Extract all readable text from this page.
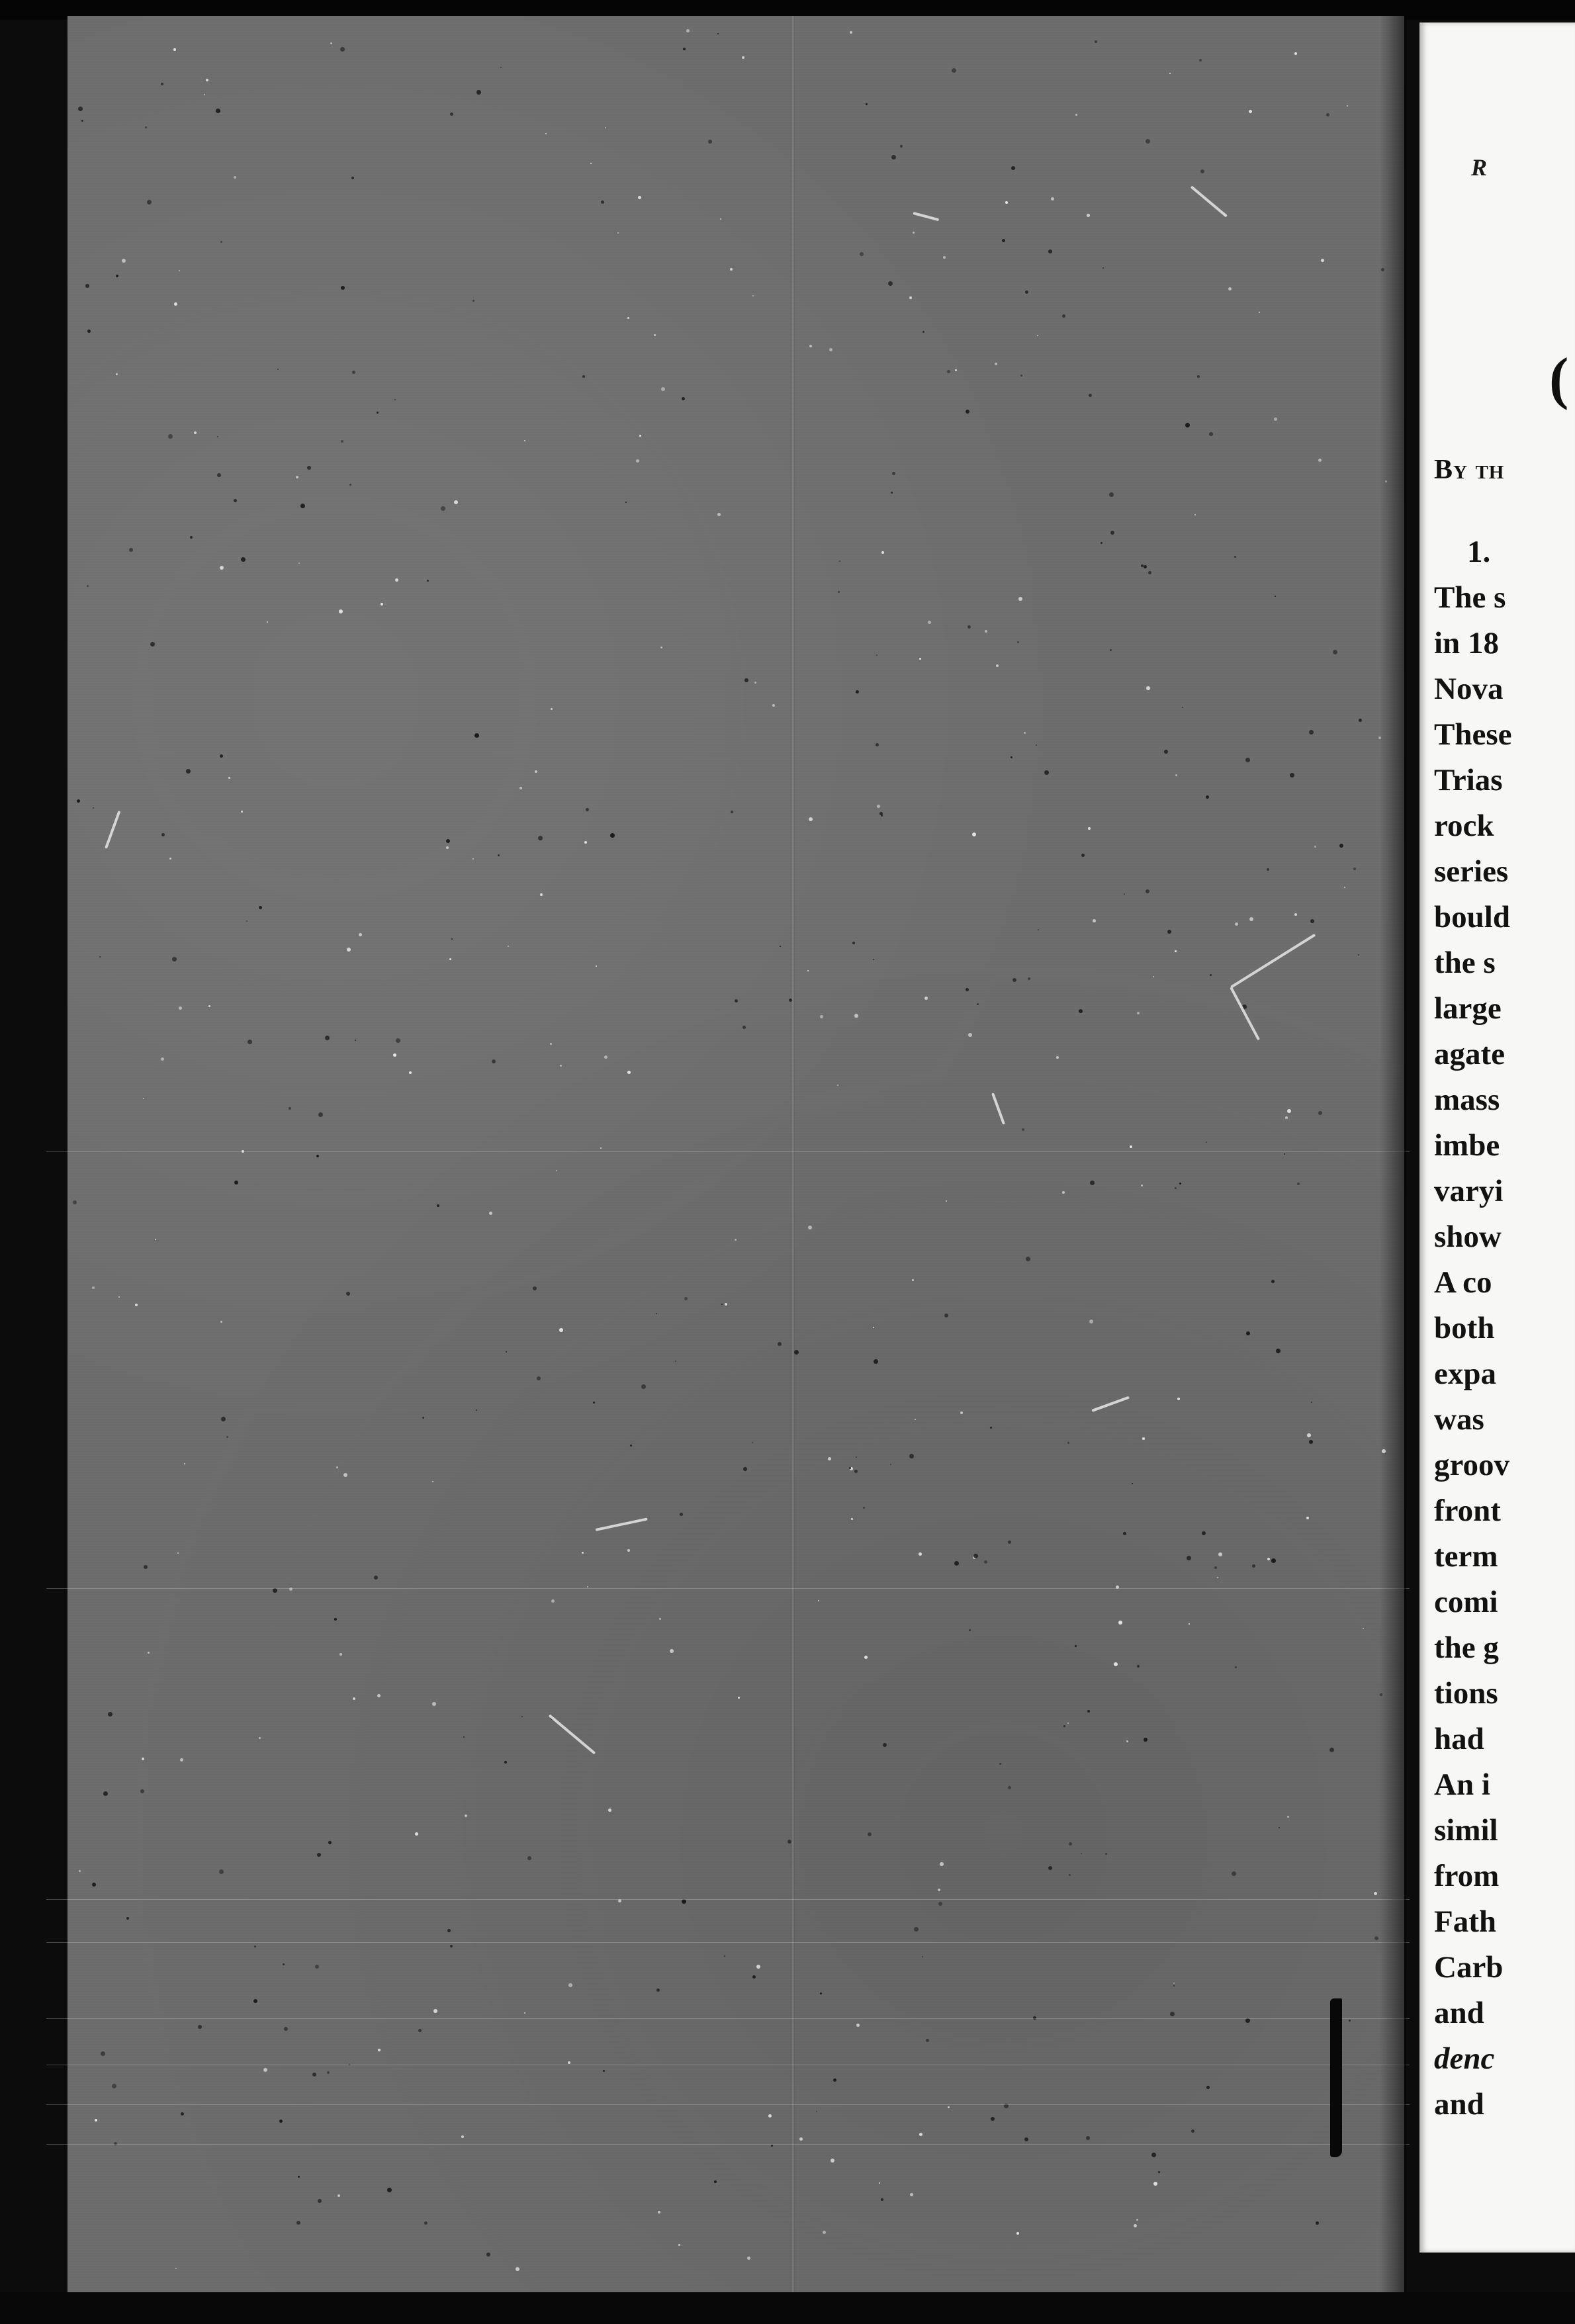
R

(

By th

1.
The s
in 18
Nova
These
Trias
rock
series
bould
the s
large
agate
mass
imbe
varyi
show
A co
both
expa
was
groov
front
term
comi
the g
tions
had
An i
simil
from
Fath
Carb
and
denc
and
